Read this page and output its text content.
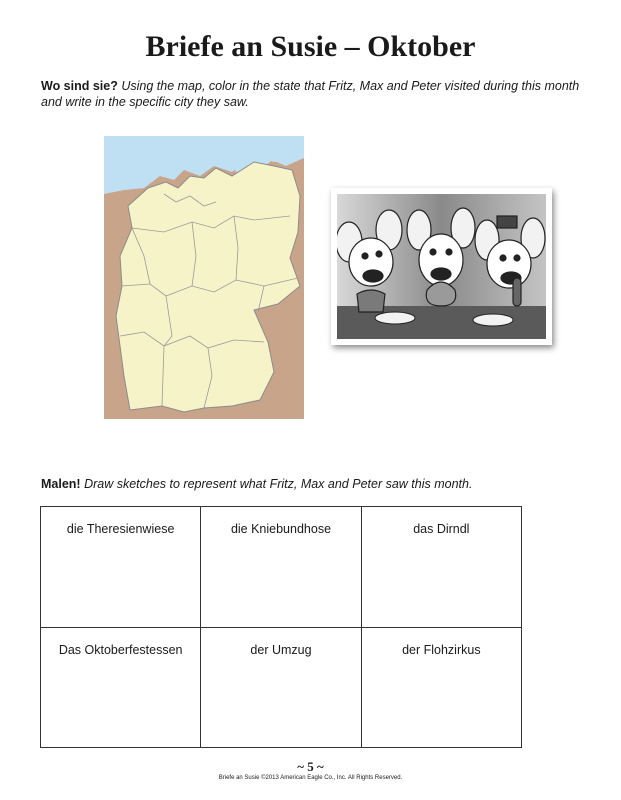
Briefe an Susie – Oktober

Wo sind sie? Using the map, color in the state that Fritz, Max and Peter visited during this month and write in the specific city they saw.

Malen! Draw sketches to represent what Fritz, Max and Peter saw this month.

die Theresienwiese	die Kniebundhose	das Dirndl
Das Oktoberfestessen	der Umzug	der Flohzirkus

~ 5 ~

Briefe an Susie ©2013 American Eagle Co., Inc. All Rights Reserved.
